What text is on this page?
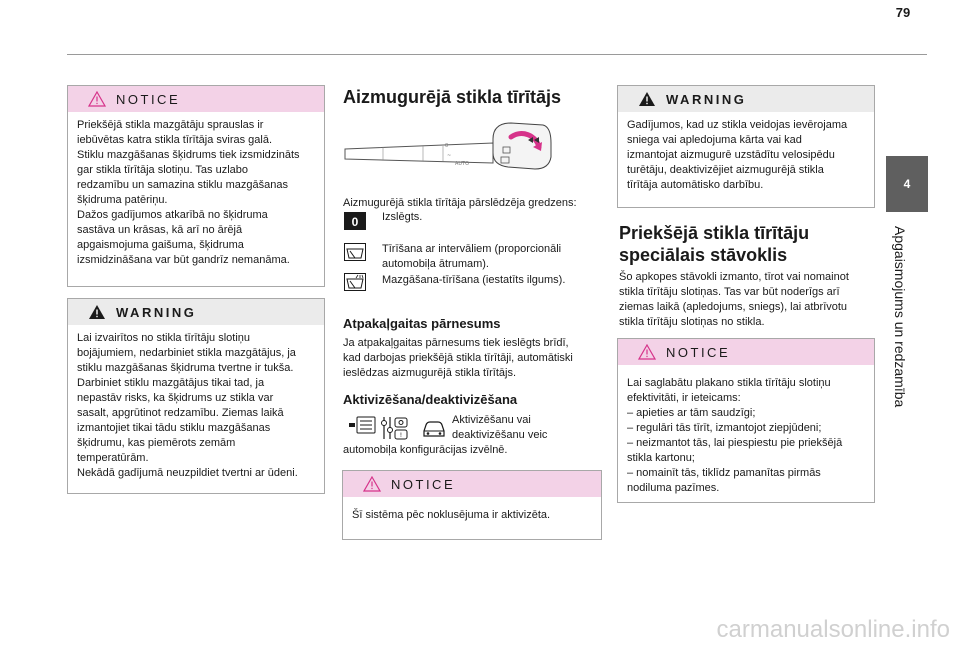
79
4
Apgaismojums un redzamība
NOTICE

Priekšējā stikla mazgātāju sprauslas ir

iebūvētas katra stikla tīrītāja sviras galā.

Stiklu mazgāšanas šķidrums tiek izsmidzināts

gar stikla tīrītāja slotiņu. Tas uzlabo

redzamību un samazina stiklu mazgāšanas

šķidruma patēriņu.

Dažos gadījumos atkarībā no šķidruma

sastāva un krāsas, kā arī no ārējā

apgaismojuma gaišuma, šķidruma

izsmidzināšana var būt gandrīz nemanāma.

WARNING

Lai izvairītos no stikla tīrītāju slotiņu

bojājumiem, nedarbiniet stikla mazgātājus, ja

stiklu mazgāšanas šķidruma tvertne ir tukša.

Darbiniet stiklu mazgātājus tikai tad, ja

nepastāv risks, ka šķidrums uz stikla var

sasalt, apgrūtinot redzamību. Ziemas laikā

izmantojiet tikai tādu stiklu mazgāšanas

šķidrumu, kas piemērots zemām

temperatūrām.

Nekādā gadījumā neuzpildiet tvertni ar ūdeni.

Aizmugurējā stikla tīrītājs
0
~
AUTO
Aizmugurējā stikla tīrītāja pārslēdzēja gredzens:
0 Izslēgts.
Tīrīšana ar intervāliem (proporcionāli
automobiļa ātrumam).
Mazgāšana-tīrīšana (iestatīts ilgums).
Atpakaļgaitas pārnesums
Ja atpakaļgaitas pārnesums tiek ieslēgts brīdī,
kad darbojas priekšējā stikla tīrītāji, automātiski
ieslēdzas aizmugurējā stikla tīrītājs.
Aktivizēšana/deaktivizēšana
!
Aktivizēšanu vai
deaktivizēšanu veic
automobiļa konfigurācijas izvēlnē.
NOTICE

Šī sistēma pēc noklusējuma ir aktivizēta.

WARNING

Gadījumos, kad uz stikla veidojas ievērojama

sniega vai apledojuma kārta vai kad

izmantojat aizmugurē uzstādītu velosipēdu

turētāju, deaktivizējiet aizmugurējā stikla

tīrītāja automātisko darbību.

Priekšējā stikla tīrītāju
speciālais stāvoklis
Šo apkopes stāvokli izmanto, tīrot vai nomainot
stikla tīrītāju slotiņas. Tas var būt noderīgs arī
ziemas laikā (apledojums, sniegs), lai atbrīvotu
stikla tīrītāju slotiņas no stikla.
NOTICE

Lai saglabātu plakano stikla tīrītāju slotiņu

efektivitāti, ir ieteicams:

– apieties ar tām saudzīgi;

– regulāri tās tīrīt, izmantojot ziepjūdeni;

– neizmantot tās, lai piespiestu pie priekšējā

stikla kartonu;

– nomainīt tās, tiklīdz pamanītas pirmās

nodiluma pazīmes.

carmanualsonline.info
